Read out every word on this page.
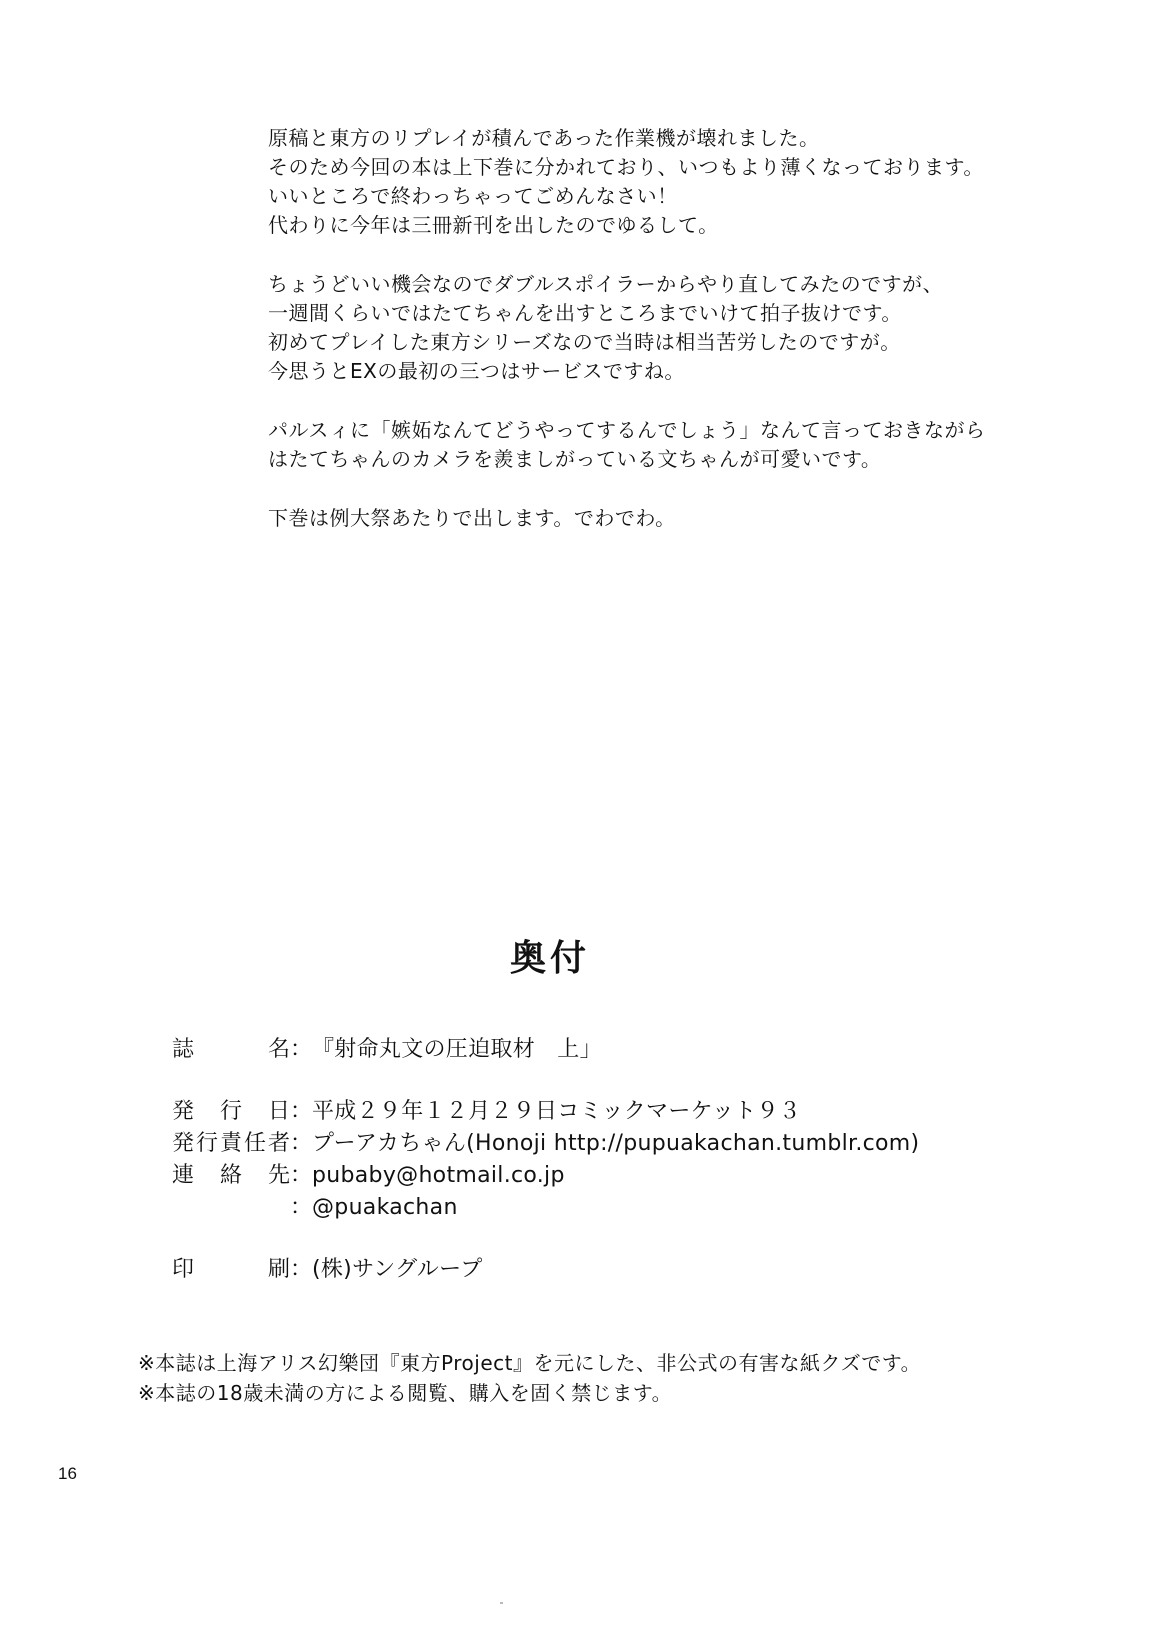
原稿と東方のリプレイが積んであった作業機が壊れました。
そのため今回の本は上下巻に分かれており、いつもより薄くなっております。
いいところで終わっちゃってごめんなさい！
代わりに今年は三冊新刊を出したのでゆるして。
ちょうどいい機会なのでダブルスポイラーからやり直してみたのですが、
一週間くらいではたてちゃんを出すところまでいけて拍子抜けです。
初めてプレイした東方シリーズなので当時は相当苦労したのですが。
今思うとEXの最初の三つはサービスですね。
パルスィに「嫉妬なんてどうやってするんでしょう」なんて言っておきながら
はたてちゃんのカメラを羨ましがっている文ちゃんが可愛いです。
下巻は例大祭あたりで出します。でわでわ。
奥付
誌	名 ： 『射命丸文の圧迫取材　上」
発 行 日 ： 平成２９年１２月２９日コミックマーケット９３
発 行 責 任 者 ： プーアカちゃん(Honoji http://pupuakachan.tumblr.com)
連 絡 先 ： pubaby@hotmail.co.jp
： @puakachan
印	刷 ： (株)サングループ
※本誌は上海アリス幻樂団『東方Project』を元にした、非公式の有害な紙クズです。
※本誌の18歳未満の方による閲覧、購入を固く禁じます。
16
